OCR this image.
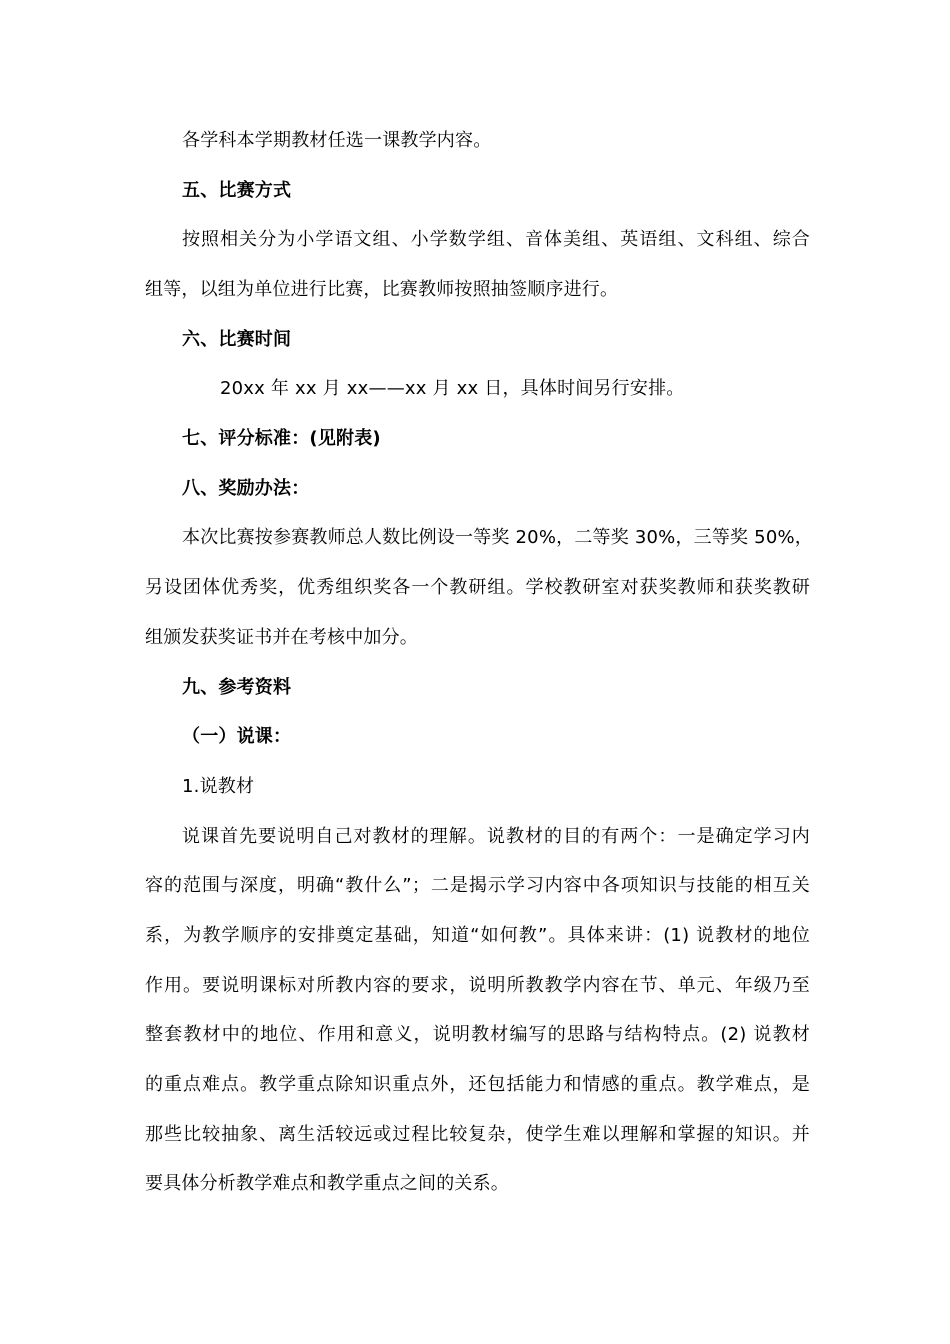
各学科本学期教材任选一课教学内容。
五、比赛方式
按照相关分为小学语文组、小学数学组、音体美组、英语组、文科组、综合
组等，以组为单位进行比赛，比赛教师按照抽签顺序进行。
六、比赛时间
20xx 年 xx 月 xx——xx 月 xx 日，具体时间另行安排。
七、评分标准：(见附表)
八、奖励办法：
本次比赛按参赛教师总人数比例设一等奖 20%，二等奖 30%，三等奖 50%，
另设团体优秀奖，优秀组织奖各一个教研组。学校教研室对获奖教师和获奖教研
组颁发获奖证书并在考核中加分。
九、参考资料
（一）说课：
1.说教材
说课首先要说明自己对教材的理解。说教材的目的有两个：一是确定学习内
容的范围与深度，明确“教什么”；二是揭示学习内容中各项知识与技能的相互关
系，为教学顺序的安排奠定基础，知道“如何教”。具体来讲：(1) 说教材的地位
作用。要说明课标对所教内容的要求，说明所教教学内容在节、单元、年级乃至
整套教材中的地位、作用和意义，说明教材编写的思路与结构特点。(2) 说教材
的重点难点。教学重点除知识重点外，还包括能力和情感的重点。教学难点，是
那些比较抽象、离生活较远或过程比较复杂，使学生难以理解和掌握的知识。并
要具体分析教学难点和教学重点之间的关系。
